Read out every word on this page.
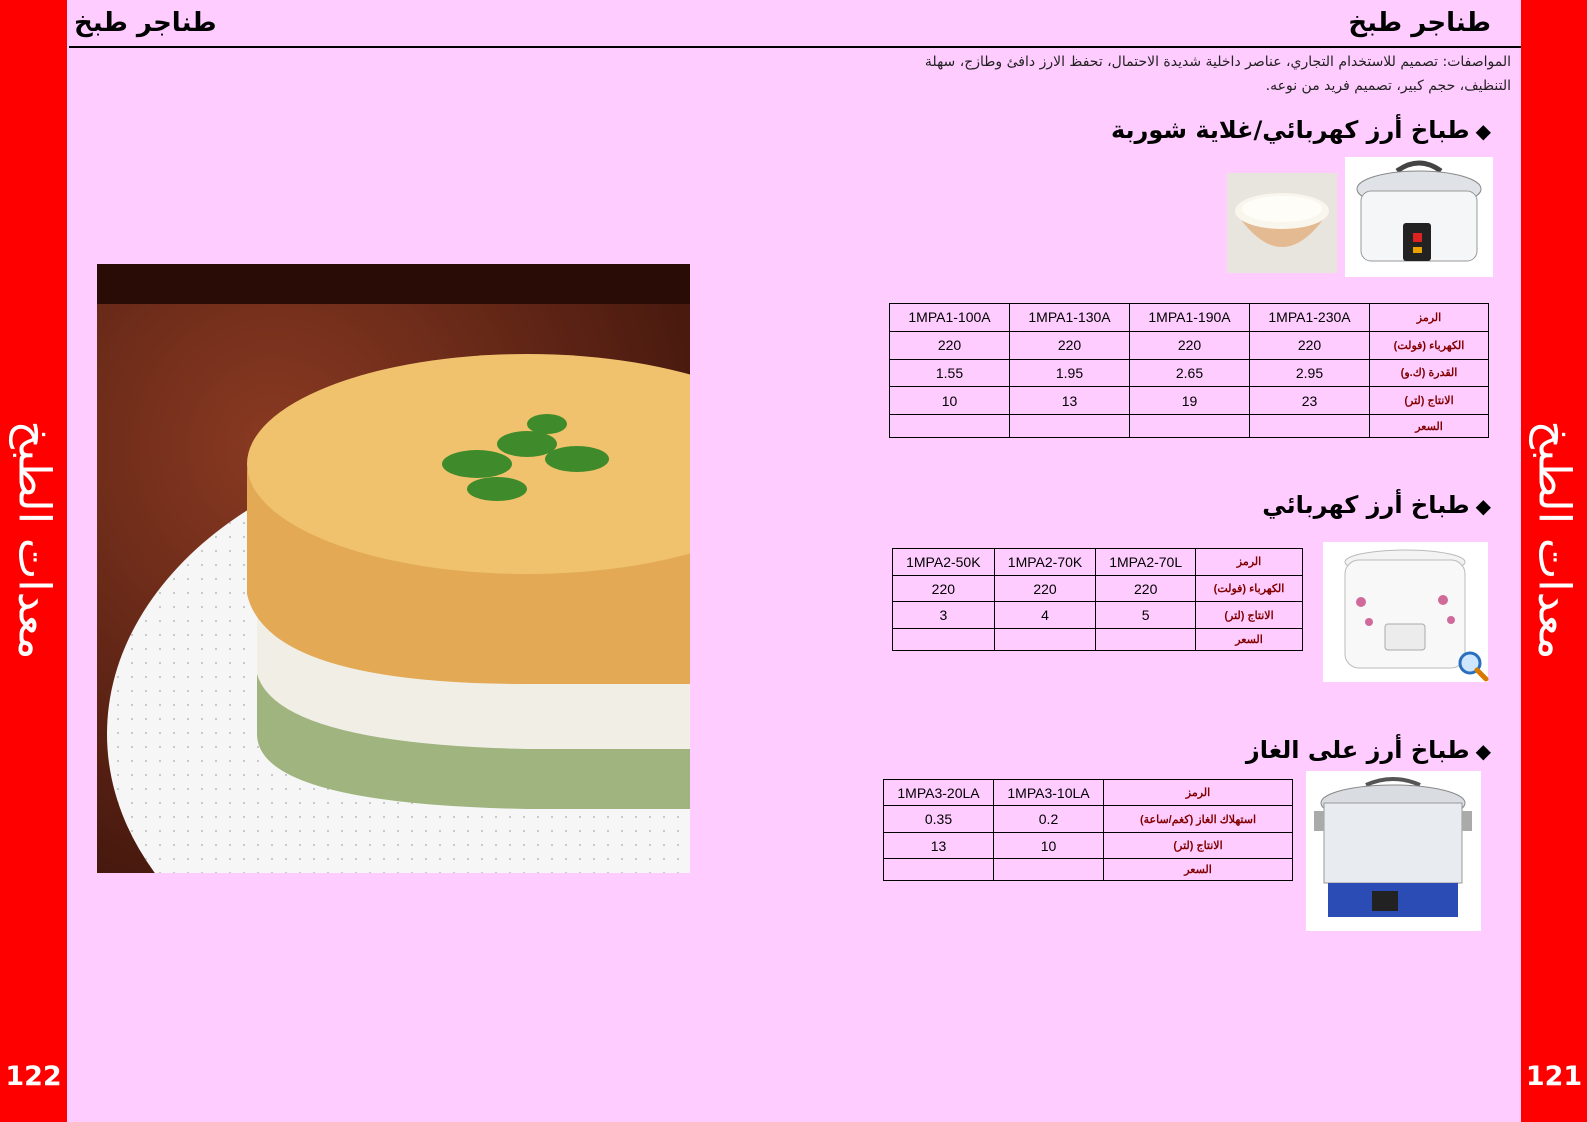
معدات الطبخ
122
معدات الطبخ
121
طناجر طبخ	طناجر طبخ
المواصفات: تصميم للاستخدام التجاري، عناصر داخلية شديدة الاحتمال، تحفظ الارز دافئ وطازج، سهلة
التنظيف، حجم كبير، تصميم فريد من نوعه.
◆طباخ أرز كهربائي/غلاية شوربة
1MPA1-100A	1MPA1-130A	1MPA1-190A	1MPA1-230A	الرمز
220	220	220	220	الكهرباء (فولت)
1.55	1.95	2.65	2.95	القدرة (ك.و)
10	13	19	23	الانتاج (لتر)
				السعر
◆طباخ أرز كهربائي
1MPA2-50K	1MPA2-70K	1MPA2-70L	الرمز
220	220	220	الكهرباء (فولت)
3	4	5	الانتاج (لتر)
			السعر
◆طباخ أرز على الغاز
1MPA3-20LA	1MPA3-10LA	الرمز
0.35	0.2	استهلاك الغاز (كغم/ساعة)
13	10	الانتاج (لتر)
		السعر
